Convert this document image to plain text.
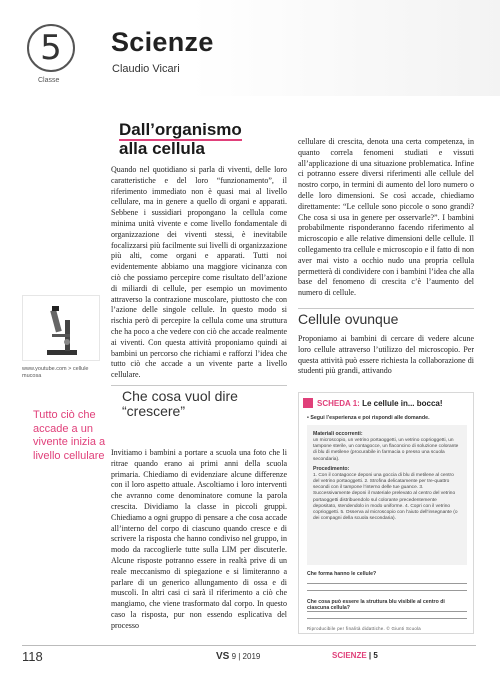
5
Classe
Scienze
Claudio Vicari
Dall’organismo
alla cellula
Quando nel quotidiano si parla di viventi, delle loro caratteristiche e del loro “funzionamento”, il riferimento immediato non è quasi mai al livello cellulare, ma in genere a quello di organi e apparati. Sebbene i sussidiari propongano la cellula come minima unità vivente e come livello fondamentale di organizzazione dei viventi stessi, è inevitabile focalizzarsi più facilmente sui livelli di organizzazione più alti, come organi e apparati. Tutti noi evidentemente abbiamo una maggiore vicinanza con ciò che possiamo percepire come risultato dell’azione di miliardi di cellule, per esempio un movimento attraverso la contrazione muscolare, piuttosto che con l’azione delle singole cellule. In questo modo si rischia però di percepire la cellula come una struttura che ha poco a che vedere con ciò che accade realmente ai viventi. Con questa attività proponiamo quindi ai bambini un percorso che richiami e rafforzi l’idea che tutto ciò che accade a un vivente parte a livello cellulare.
Che cosa vuol dire “crescere”
Invitiamo i bambini a portare a scuola una foto che li ritrae quando erano ai primi anni della scuola primaria. Chiediamo di evidenziare alcune differenze con il loro aspetto attuale. Ascoltiamo i loro interventi che avranno come denominatore comune la parola crescita. Dividiamo la classe in piccoli gruppi. Chiediamo a ogni gruppo di pensare a che cosa accade all’interno del corpo di ciascuno quando cresce e di scrivere la risposta che hanno condiviso nel gruppo, in modo da raccoglierle tutte sulla LIM per discuterle. Alcune risposte potranno essere in realtà prive di un reale meccanismo di spiegazione e si limiteranno a parlare di un generico allungamento di ossa e di muscoli. In altri casi ci sarà il riferimento a ciò che mangiamo, che viene trasformato dal corpo. In questo caso la risposta, pur non essendo esplicativa del processo
cellulare di crescita, denota una certa competenza, in quanto correla fenomeni studiati e vissuti all’applicazione di una situazione problematica. Infine ci potranno essere diversi riferimenti alle cellule del nostro corpo, in termini di aumento del loro numero o delle loro dimensioni. Se così accade, chiediamo direttamente: “Le cellule sono piccole o sono grandi? Che cosa si usa in genere per osservarle?”. I bambini probabilmente risponderanno facendo riferimento al microscopio e alle relative dimensioni delle cellule. Il collegamento tra cellule e microscopio e il fatto di non aver mai visto a occhio nudo una propria cellula permetterà di condividere con i bambini l’idea che alla base del fenomeno di crescita c’è l’aumento del numero di cellule.
Cellule ovunque
Proponiamo ai bambini di cercare di vedere alcune loro cellule attraverso l’utilizzo del microscopio. Per questa attività può essere richiesta la collaborazione di studenti più grandi, attivando
www.youtube.com > cellule mucosa
Tutto ciò che accade a un vivente inizia a livello cellulare
SCHEDA 1: Le cellule in... bocca!
• Segui l’esperienza e poi rispondi alle domande.
Materiali occorrenti:
un microscopio, un vetrino portaoggetti, un vetrino coprioggetti, un tampone sterile, un contagocce, un flaconcino di soluzione colorante di blu di metilene (procurabile in farmacia o presso una scuola secondaria).
Procedimento:
1. Con il contagocce deponi una goccia di blu di metilene al centro del vetrino portaoggetti. 2. Strofina delicatamente per tre-quattro secondi con il tampone l’interno delle tue guance. 3. Successivamente deponi il materiale prelevato al centro del vetrino portaoggetti distribuendolo sul colorante precedentemente depositato, stendendolo in modo uniforme. 4. Copri con il vetrino coprioggetti. 5. Osserva al microscopio con l’aiuto dell’insegnante (o dei compagni della scuola secondaria).
Che forma hanno le cellule?
Che cosa può essere la struttura blu visibile al centro di ciascuna cellula?
Riproducibile per finalità didattiche. © Giunti Scuola
118	VS 9 | 2019	SCIENZE | 5
